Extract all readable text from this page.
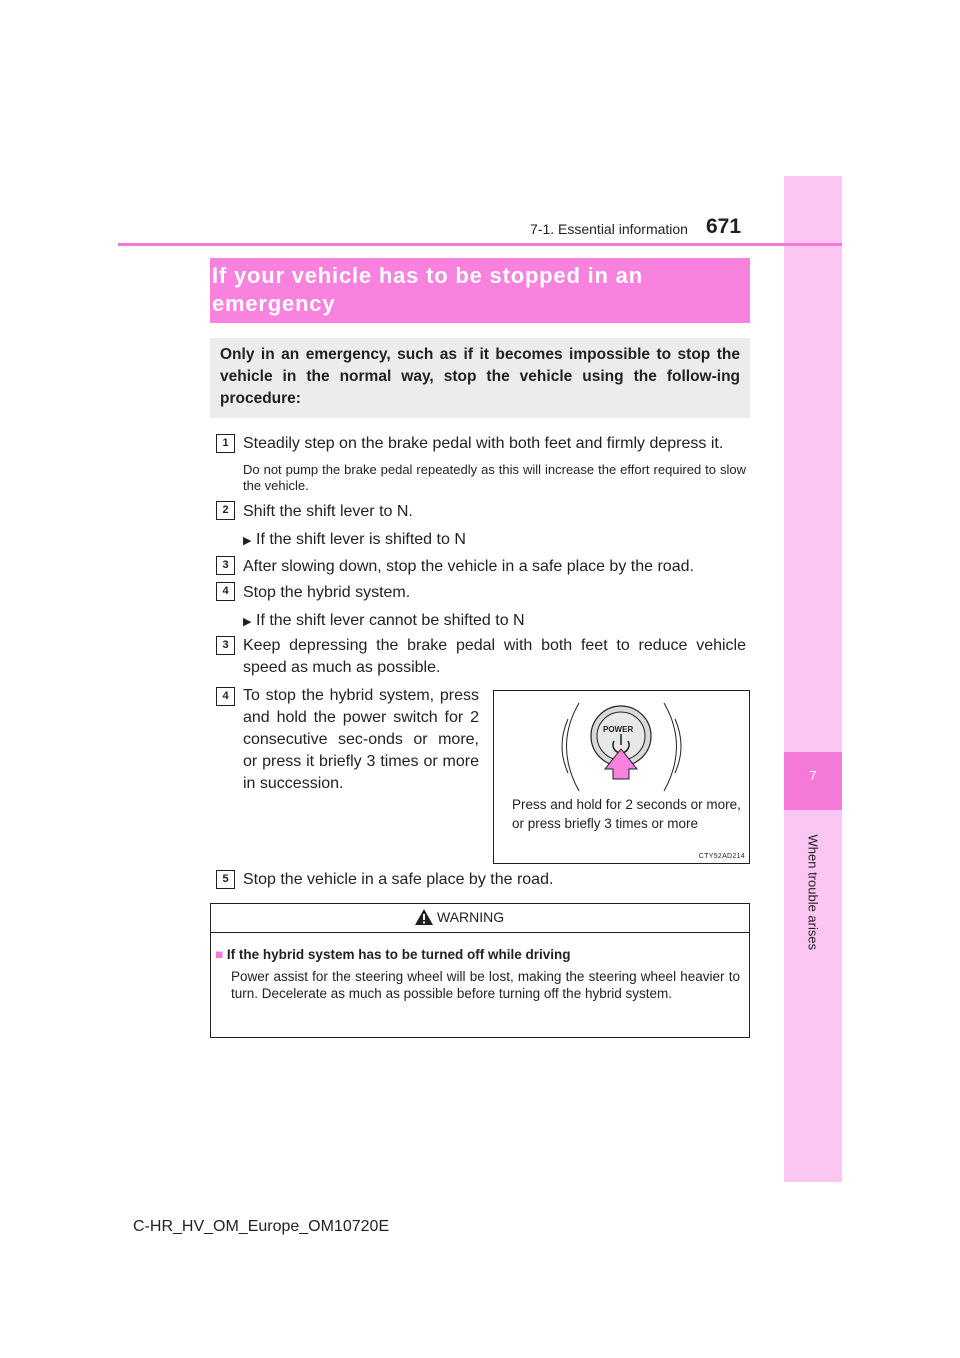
7
When trouble arises
7-1. Essential information 671
If your vehicle has to be stopped in an
emergency
Only in an emergency, such as if it becomes impossible to stop the vehicle in the normal way, stop the vehicle using the follow-ing procedure:
1 Steadily step on the brake pedal with both feet and firmly depress it.
Do not pump the brake pedal repeatedly as this will increase the effort required to slow the vehicle.
2 Shift the shift lever to N.
▶ If the shift lever is shifted to N
3 After slowing down, stop the vehicle in a safe place by the road.
4 Stop the hybrid system.
▶ If the shift lever cannot be shifted to N
3 Keep depressing the brake pedal with both feet to reduce vehicle speed as much as possible.
4 To stop the hybrid system, press and hold the power switch for 2 consecutive sec-onds or more, or press it briefly 3 times or more in succession.
POWER
Press and hold for 2 seconds or more, or press briefly 3 times or more
CTY52AD214
5 Stop the vehicle in a safe place by the road.
WARNING
■ If the hybrid system has to be turned off while driving
Power assist for the steering wheel will be lost, making the steering wheel heavier to turn. Decelerate as much as possible before turning off the hybrid system.
C-HR_HV_OM_Europe_OM10720E
